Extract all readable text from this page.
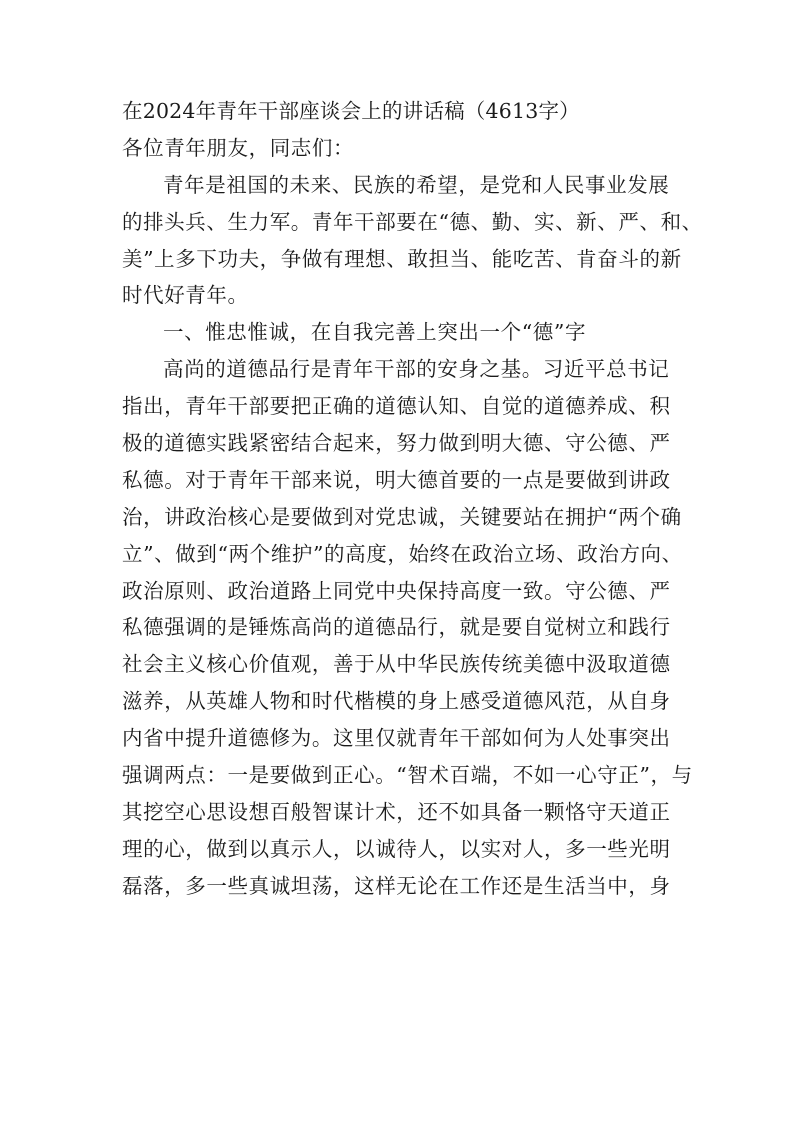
在2024年青年干部座谈会上的讲话稿（4613字）
各位青年朋友，同志们：
青年是祖国的未来、民族的希望，是党和人民事业发展
的排头兵、生力军。青年干部要在“德、勤、实、新、严、和、
美”上多下功夫，争做有理想、敢担当、能吃苦、肯奋斗的新
时代好青年。
一、惟忠惟诚，在自我完善上突出一个“德”字
高尚的道德品行是青年干部的安身之基。习近平总书记
指出，青年干部要把正确的道德认知、自觉的道德养成、积
极的道德实践紧密结合起来，努力做到明大德、守公德、严
私德。对于青年干部来说，明大德首要的一点是要做到讲政
治，讲政治核心是要做到对党忠诚，关键要站在拥护“两个确
立”、做到“两个维护”的高度，始终在政治立场、政治方向、
政治原则、政治道路上同党中央保持高度一致。守公德、严
私德强调的是锤炼高尚的道德品行，就是要自觉树立和践行
社会主义核心价值观，善于从中华民族传统美德中汲取道德
滋养，从英雄人物和时代楷模的身上感受道德风范，从自身
内省中提升道德修为。这里仅就青年干部如何为人处事突出
强调两点：一是要做到正心。“智术百端，不如一心守正”，与
其挖空心思设想百般智谋计术，还不如具备一颗恪守天道正
理的心，做到以真示人，以诚待人，以实对人，多一些光明
磊落，多一些真诚坦荡，这样无论在工作还是生活当中，身
